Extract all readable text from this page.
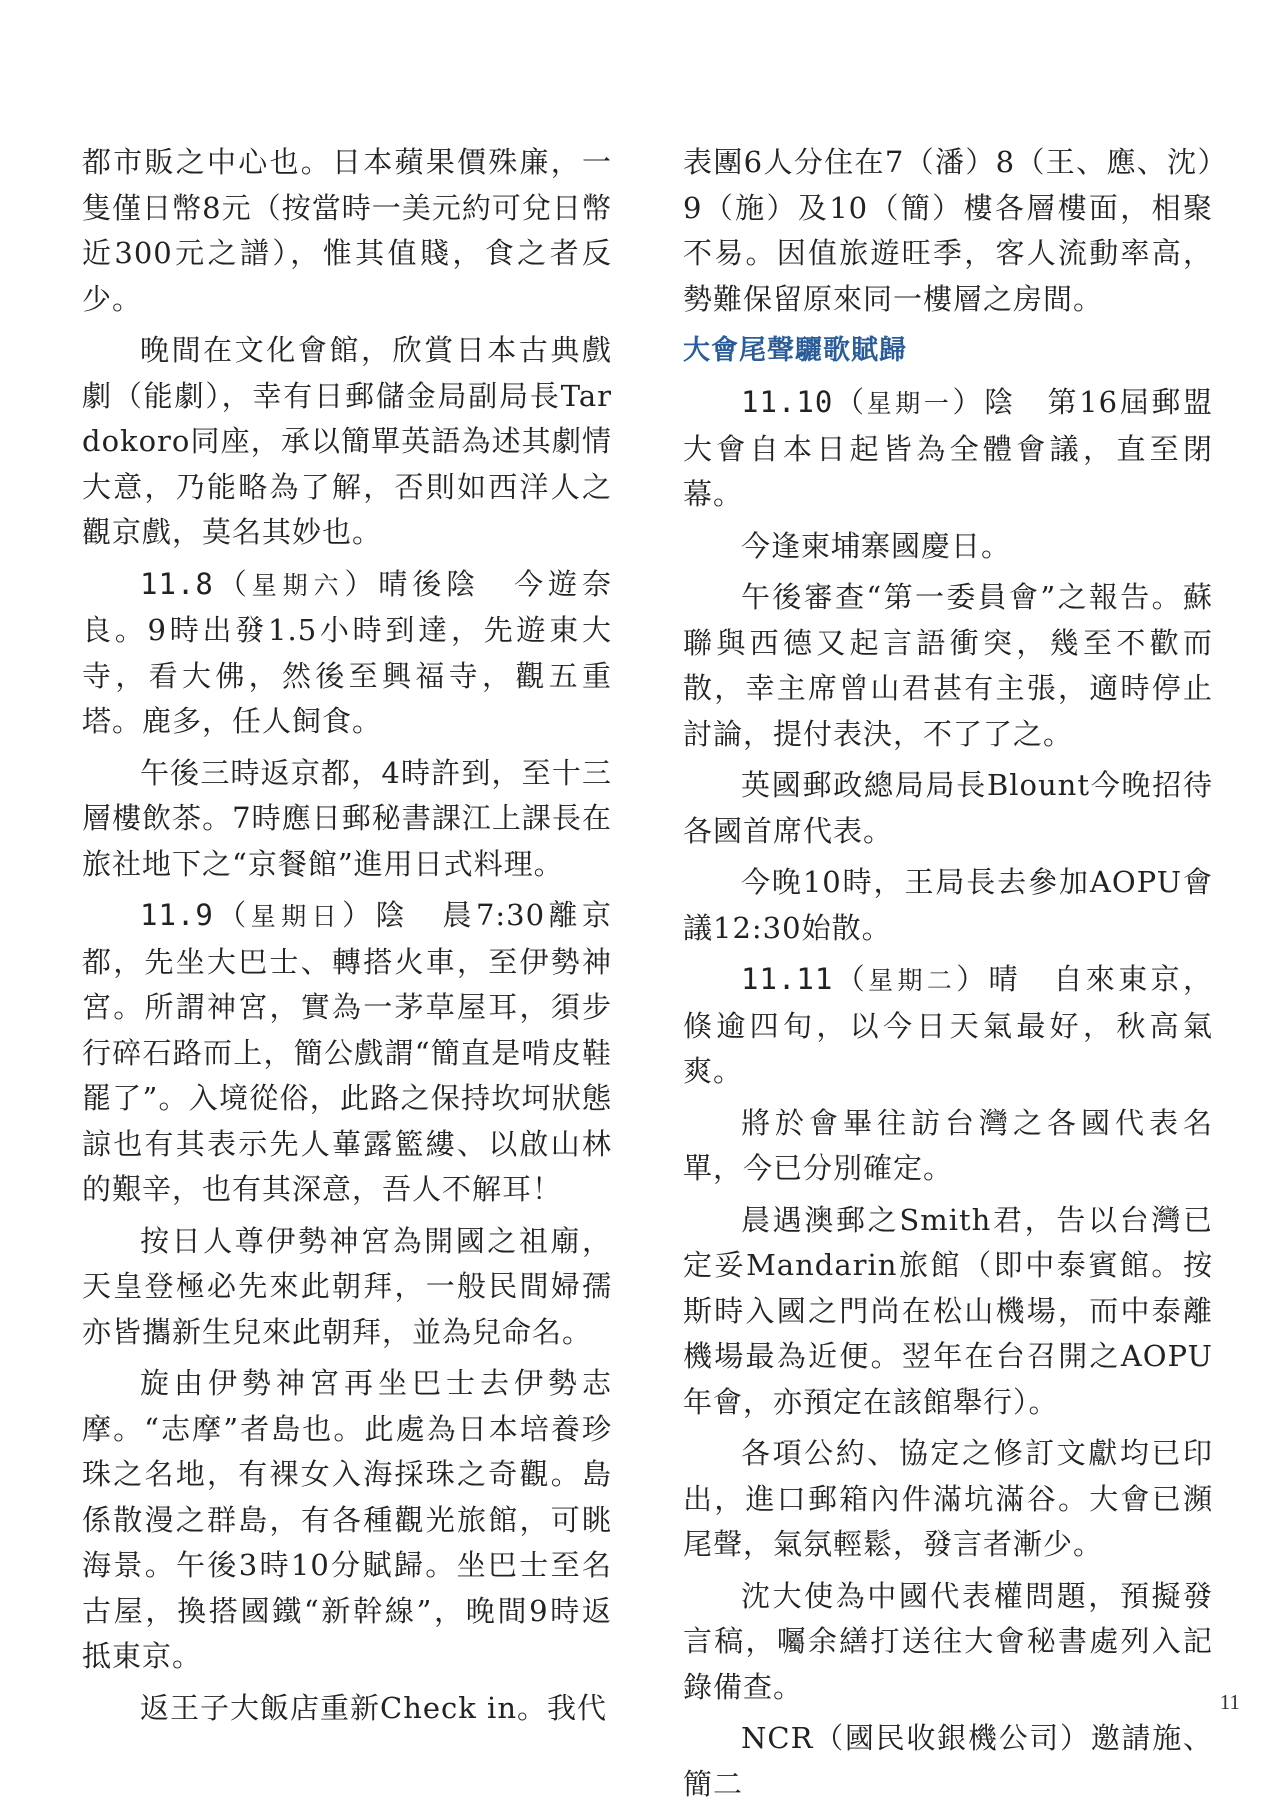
都市販之中心也。日本蘋果價殊廉，一隻僅日幣8元（按當時一美元約可兌日幣近300元之譜），惟其值賤，食之者反少。

晚間在文化會館，欣賞日本古典戲劇（能劇），幸有日郵儲金局副局長Tardokoro同座，承以簡單英語為述其劇情大意，乃能略為了解，否則如西洋人之觀京戲，莫名其妙也。

11.8（星期六）晴後陰　今遊奈良。9時出發1.5小時到達，先遊東大寺，看大佛，然後至興福寺，觀五重塔。鹿多，任人飼食。

午後三時返京都，4時許到，至十三層樓飲茶。7時應日郵秘書課江上課長在旅社地下之“京餐館”進用日式料理。

11.9（星期日）陰　晨7:30離京都，先坐大巴士、轉搭火車，至伊勢神宮。所謂神宮，實為一茅草屋耳，須步行碎石路而上，簡公戲謂“簡直是啃皮鞋罷了”。入境從俗，此路之保持坎坷狀態諒也有其表示先人蓽露籃縷、以啟山林的艱辛，也有其深意，吾人不解耳！

按日人尊伊勢神宮為開國之祖廟，天皇登極必先來此朝拜，一般民間婦孺亦皆攜新生兒來此朝拜，並為兒命名。

旋由伊勢神宮再坐巴士去伊勢志摩。“志摩”者島也。此處為日本培養珍珠之名地，有裸女入海採珠之奇觀。島係散漫之群島，有各種觀光旅館，可眺海景。午後3時10分賦歸。坐巴士至名古屋，換搭國鐵“新幹線”，晚間9時返抵東京。

返王子大飯店重新Check in。我代

表團6人分住在7（潘）8（王、應、沈）9（施）及10（簡）樓各層樓面，相聚不易。因值旅遊旺季，客人流動率高，勢難保留原來同一樓層之房間。

大會尾聲驪歌賦歸

11.10（星期一）陰　第16屆郵盟大會自本日起皆為全體會議，直至閉幕。

今逢柬埔寨國慶日。

午後審查“第一委員會”之報告。蘇聯與西德又起言語衝突，幾至不歡而散，幸主席曾山君甚有主張，適時停止討論，提付表決，不了了之。

英國郵政總局局長Blount今晚招待各國首席代表。

今晚10時，王局長去參加AOPU會議12:30始散。

11.11（星期二）晴　自來東京，倏逾四旬，以今日天氣最好，秋高氣爽。

將於會畢往訪台灣之各國代表名單，今已分別確定。

晨遇澳郵之Smith君，告以台灣已定妥Mandarin旅館（即中泰賓館。按斯時入國之門尚在松山機場，而中泰離機場最為近便。翌年在台召開之AOPU年會，亦預定在該館舉行）。

各項公約、協定之修訂文獻均已印出，進口郵箱內件滿坑滿谷。大會已瀕尾聲，氣氛輕鬆，發言者漸少。

沈大使為中國代表權問題，預擬發言稿，囑余繕打送往大會秘書處列入記錄備查。

NCR（國民收銀機公司）邀請施、簡二

11
